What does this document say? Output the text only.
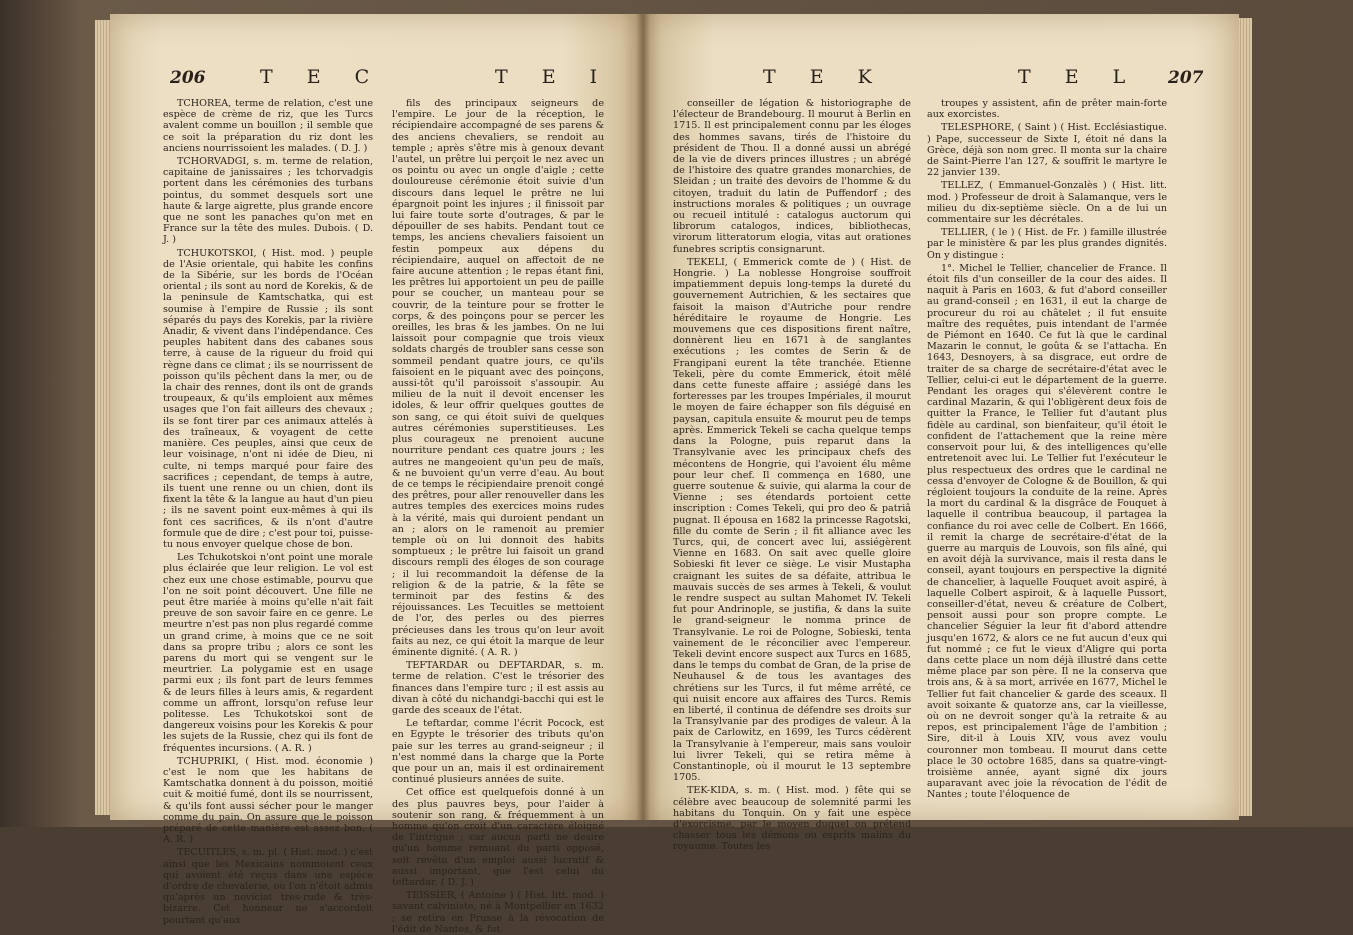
206	T E C	T E I

TCHOREA, terme de relation, c'est une espèce de crème de riz, que les Turcs avalent comme un bouillon ; il semble que ce soit la préparation du riz dont les anciens nourrissoient les malades. ( D. J. )

TCHORVADGI, s. m. terme de relation, capitaine de janissaires ; les tchorvadgis portent dans les cérémonies des turbans pointus, du sommet desquels sort une haute & large aigrette, plus grande encore que ne sont les panaches qu'on met en France sur la tête des mules. Dubois. ( D. J. )

TCHUKOTSKOI, ( Hist. mod. ) peuple de l'Asie orientale, qui habite les confins de la Sibérie, sur les bords de l'Océan oriental ; ils sont au nord de Korekis, & de la peninsule de Kamtschatka, qui est soumise à l'empire de Russie ; ils sont séparés du pays des Korekis, par la rivière Anadir, & vivent dans l'indépendance. Ces peuples habitent dans des cabanes sous terre, à cause de la rigueur du froid qui règne dans ce climat ; ils se nourrissent de poisson qu'ils pêchent dans la mer, ou de la chair des rennes, dont ils ont de grands troupeaux, & qu'ils emploient aux mêmes usages que l'on fait ailleurs des chevaux ; ils se font tirer par ces animaux attelés à des traîneaux, & voyagent de cette manière. Ces peuples, ainsi que ceux de leur voisinage, n'ont ni idée de Dieu, ni culte, ni temps marqué pour faire des sacrifices ; cependant, de temps à autre, ils tuent une renne ou un chien, dont ils fixent la tête & la langue au haut d'un pieu ; ils ne savent point eux-mêmes à qui ils font ces sacrifices, & ils n'ont d'autre formule que de dire ; c'est pour toi, puisse-tu nous envoyer quelque chose de bon.

Les Tchukotskoi n'ont point une morale plus éclairée que leur religion. Le vol est chez eux une chose estimable, pourvu que l'on ne soit point découvert. Une fille ne peut être mariée à moins qu'elle n'ait fait preuve de son savoir faire en ce genre. Le meurtre n'est pas non plus regardé comme un grand crime, à moins que ce ne soit dans sa propre tribu ; alors ce sont les parens du mort qui se vengent sur le meurtrier. La polygamie est en usage parmi eux ; ils font part de leurs femmes & de leurs filles à leurs amis, & regardent comme un affront, lorsqu'on refuse leur politesse. Les Tchukotskoi sont de dangereux voisins pour les Korekis & pour les sujets de la Russie, chez qui ils font de fréquentes incursions. ( A. R. )

TCHUPRIKI, ( Hist. mod. économie ) c'est le nom que les habitans de Kamtschatka donnent à du poisson, moitié cuit & moitié fumé, dont ils se nourrissent, & qu'ils font aussi sécher pour le manger comme du pain. On assure que le poisson préparé de cette manière est assez bon. ( A. R. )

TECUITLES, s. m. pl. ( Hist. mod. ) c'est ainsi que les Mexicains nommoient ceux qui avoient été reçus dans une espèce d'ordre de chevalerie, où l'on n'étoit admis qu'après un noviciat très-rude & très-bizarre. Cet honneur ne s'accordoit pourtant qu'aux

fils des principaux seigneurs de l'empire. Le jour de la réception, le récipiendaire accompagné de ses parens & des anciens chevaliers, se rendoit au temple ; après s'être mis à genoux devant l'autel, un prêtre lui perçoit le nez avec un os pointu ou avec un ongle d'aigle ; cette douloureuse cérémonie étoit suivie d'un discours dans lequel le prêtre ne lui épargnoit point les injures ; il finissoit par lui faire toute sorte d'outrages, & par le dépouiller de ses habits. Pendant tout ce temps, les anciens chevaliers faisoient un festin pompeux aux dépens du récipiendaire, auquel on affectoit de ne faire aucune attention ; le repas étant fini, les prêtres lui apportoient un peu de paille pour se coucher, un manteau pour se couvrir, de la teinture pour se frotter le corps, & des poinçons pour se percer les oreilles, les bras & les jambes. On ne lui laissoit pour compagnie que trois vieux soldats chargés de troubler sans cesse son sommeil pendant quatre jours, ce qu'ils faisoient en le piquant avec des poinçons, aussi-tôt qu'il paroissoit s'assoupir. Au milieu de la nuit il devoit encenser les idoles, & leur offrir quelques gouttes de son sang, ce qui étoit suivi de quelques autres cérémonies superstitieuses. Les plus courageux ne prenoient aucune nourriture pendant ces quatre jours ; les autres ne mangeoient qu'un peu de maïs, & ne buvoient qu'un verre d'eau. Au bout de ce temps le récipiendaire prenoit congé des prêtres, pour aller renouveller dans les autres temples des exercices moins rudes à la vérité, mais qui duroient pendant un an ; alors on le ramenoit au premier temple où on lui donnoit des habits somptueux ; le prêtre lui faisoit un grand discours rempli des éloges de son courage ; il lui recommandoit la défense de la religion & de la patrie, & la fête se terminoit par des festins & des réjouissances. Les Tecuitles se mettoient de l'or, des perles ou des pierres précieuses dans les trous qu'on leur avoit faits au nez, ce qui étoit la marque de leur éminente dignité. ( A. R. )

TEFTARDAR ou DEFTARDAR, s. m. terme de relation. C'est le trésorier des finances dans l'empire turc ; il est assis au divan à côté du nichandgi-bacchi qui est le garde des sceaux de l'état.

Le teftardar, comme l'écrit Pocock, est en Egypte le trésorier des tributs qu'on paie sur les terres au grand-seigneur ; il n'est nommé dans la charge que la Porte que pour un an, mais il est ordinairement continué plusieurs années de suite.

Cet office est quelquefois donné à un des plus pauvres beys, pour l'aider à soutenir son rang, & fréquemment à un homme qu'on croit d'un caractère éloigné de l'intrigue ; car aucun parti ne desire qu'un homme remuant du parti opposé, soit revêtu d'un emploi aussi lucratif & aussi important, que l'est celui du teftardar. ( D. J. )

TEISSIER, ( Antoine ) ( Hist. litt. mod. ) savant calviniste, né à Montpellier en 1632 ; se retira en Prusse à la révocation de l'édit de Nantes, & fut

T E K	T E L 207

conseiller de légation & historiographe de l'électeur de Brandebourg. Il mourut à Berlin en 1715. Il est principalement connu par les éloges des hommes savans, tirés de l'histoire du président de Thou. Il a donné aussi un abrégé de la vie de divers princes illustres ; un abrégé de l'histoire des quatre grandes monarchies, de Sleidan ; un traité des devoirs de l'homme & du citoyen, traduit du latin de Puffendorf ; des instructions morales & politiques ; un ouvrage ou recueil intitulé : catalogus auctorum qui librorum catalogos, indices, bibliothecas, virorum litteratorum elogia, vitas aut orationes funebres scriptis consignarunt.

TEKELI, ( Emmerick comte de ) ( Hist. de Hongrie. ) La noblesse Hongroise souffroit impatiemment depuis long-temps la dureté du gouvernement Autrichien, & les sectaires que faisoit la maison d'Autriche pour rendre héréditaire le royaume de Hongrie. Les mouvemens que ces dispositions firent naître, donnèrent lieu en 1671 à de sanglantes exécutions ; les comtes de Serin & de Frangipani eurent la tête tranchée. Etienne Tekeli, père du comte Emmerick, étoit mêlé dans cette funeste affaire ; assiégé dans les forteresses par les troupes Impériales, il mourut le moyen de faire échapper son fils déguisé en paysan, capitula ensuite & mourut peu de temps après. Emmerick Tekeli se cacha quelque temps dans la Pologne, puis reparut dans la Transylvanie avec les principaux chefs des mécontens de Hongrie, qui l'avoient élu même pour leur chef. Il commença en 1680, une guerre soutenue & suivie, qui alarma la cour de Vienne ; ses étendards portoient cette inscription : Comes Tekeli, qui pro deo & patriâ pugnat. Il épousa en 1682 la princesse Ragotski, fille du comte de Serin ; il fit alliance avec les Turcs, qui, de concert avec lui, assiégèrent Vienne en 1683. On sait avec quelle gloire Sobieski fit lever ce siège. Le visir Mustapha craignant les suites de sa défaite, attribua le mauvais succès de ses armes à Tekeli, & voulut le rendre suspect au sultan Mahomet IV. Tekeli fut pour Andrinople, se justifia, & dans la suite le grand-seigneur le nomma prince de Transylvanie. Le roi de Pologne, Sobieski, tenta vainement de le réconcilier avec l'empereur. Tekeli devint encore suspect aux Turcs en 1685, dans le temps du combat de Gran, de la prise de Neuhausel & de tous les avantages des chrétiens sur les Turcs, il fut même arrêté, ce qui nuisit encore aux affaires des Turcs. Remis en liberté, il continua de défendre ses droits sur la Transylvanie par des prodiges de valeur. À la paix de Carlowitz, en 1699, les Turcs cédèrent la Transylvanie à l'empereur, mais sans vouloir lui livrer Tekeli, qui se retira même à Constantinople, où il mourut le 13 septembre 1705.

TEK-KIDA, s. m. ( Hist. mod. ) fête qui se célèbre avec beaucoup de solemnité parmi les habitans du Tonquin. On y fait une espèce d'exorcisme, par le moyen duquel on prétend chasser tous les démons ou esprits malins du royaume. Toutes les

troupes y assistent, afin de prêter main-forte aux exorcistes.

TELESPHORE, ( Saint ) ( Hist. Ecclésiastique. ) Pape, successeur de Sixte I, étoit né dans la Grèce, déjà son nom grec. Il monta sur la chaire de Saint-Pierre l'an 127, & souffrit le martyre le 22 janvier 139.

TELLEZ, ( Emmanuel-Gonzalès ) ( Hist. litt. mod. ) Professeur de droit à Salamanque, vers le milieu du dix-septième siècle. On a de lui un commentaire sur les décrétales.

TELLIER, ( le ) ( Hist. de Fr. ) famille illustrée par le ministère & par les plus grandes dignités. On y distingue :

1°. Michel le Tellier, chancelier de France. Il étoit fils d'un conseiller de la cour des aides. Il naquit à Paris en 1603, & fut d'abord conseiller au grand-conseil ; en 1631, il eut la charge de procureur du roi au châtelet ; il fut ensuite maître des requêtes, puis intendant de l'armée de Piémont en 1640. Ce fut là que le cardinal Mazarin le connut, le goûta & se l'attacha. En 1643, Desnoyers, à sa disgrace, eut ordre de traiter de sa charge de secrétaire-d'état avec le Tellier, celui-ci eut le département de la guerre. Pendant les orages qui s'élevèrent contre le cardinal Mazarin, & qui l'obligèrent deux fois de quitter la France, le Tellier fut d'autant plus fidèle au cardinal, son bienfaiteur, qu'il étoit le confident de l'attachement que la reine mère conservoit pour lui, & des intelligences qu'elle entretenoit avec lui. Le Tellier fut l'exécuteur le plus respectueux des ordres que le cardinal ne cessa d'envoyer de Cologne & de Bouillon, & qui régloient toujours la conduite de la reine. Après la mort du cardinal & la disgrâce de Fouquet à laquelle il contribua beaucoup, il partagea la confiance du roi avec celle de Colbert. En 1666, il remit la charge de secrétaire-d'état de la guerre au marquis de Louvois, son fils aîné, qui en avoit déjà la survivance, mais il resta dans le conseil, ayant toujours en perspective la dignité de chancelier, à laquelle Fouquet avoit aspiré, à laquelle Colbert aspiroit, & à laquelle Pussort, conseiller-d'état, neveu & créature de Colbert, pensoit aussi pour son propre compte. Le chancelier Séguier la leur fit d'abord attendre jusqu'en 1672, & alors ce ne fut aucun d'eux qui fut nommé ; ce fut le vieux d'Aligre qui porta dans cette place un nom déjà illustré dans cette même place par son père. Il ne la conserva que trois ans, & à sa mort, arrivée en 1677, Michel le Tellier fut fait chancelier & garde des sceaux. Il avoit soixante & quatorze ans, car la vieillesse, où on ne devroit songer qu'à la retraite & au repos, est principalement l'âge de l'ambition ; Sire, dit-il à Louis XIV, vous avez voulu couronner mon tombeau. Il mourut dans cette place le 30 octobre 1685, dans sa quatre-vingt-troisième année, ayant signé dix jours auparavant avec joie la révocation de l'édit de Nantes ; toute l'éloquence de
